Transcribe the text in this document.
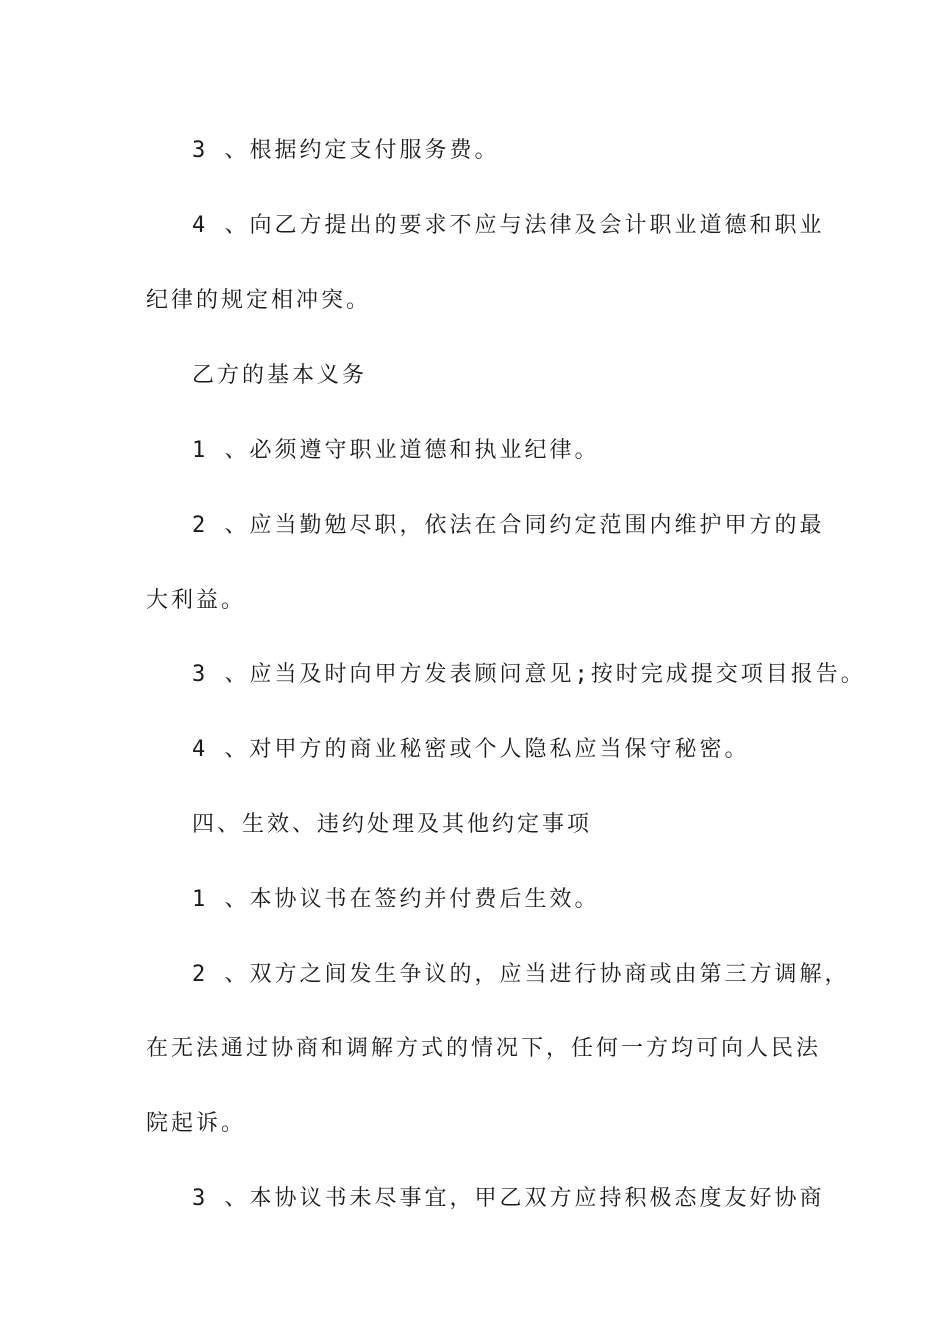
3 、根据约定支付服务费。
4 、向乙方提出的要求不应与法律及会计职业道德和职业
纪律的规定相冲突。
乙方的基本义务
1 、必须遵守职业道德和执业纪律。
2 、应当勤勉尽职，依法在合同约定范围内维护甲方的最
大利益。
3 、应当及时向甲方发表顾问意见;按时完成提交项目报告。
4 、对甲方的商业秘密或个人隐私应当保守秘密。
四、生效、违约处理及其他约定事项
1 、本协议书在签约并付费后生效。
2 、双方之间发生争议的，应当进行协商或由第三方调解，
在无法通过协商和调解方式的情况下，任何一方均可向人民法
院起诉。
3 、本协议书未尽事宜，甲乙双方应持积极态度友好协商
